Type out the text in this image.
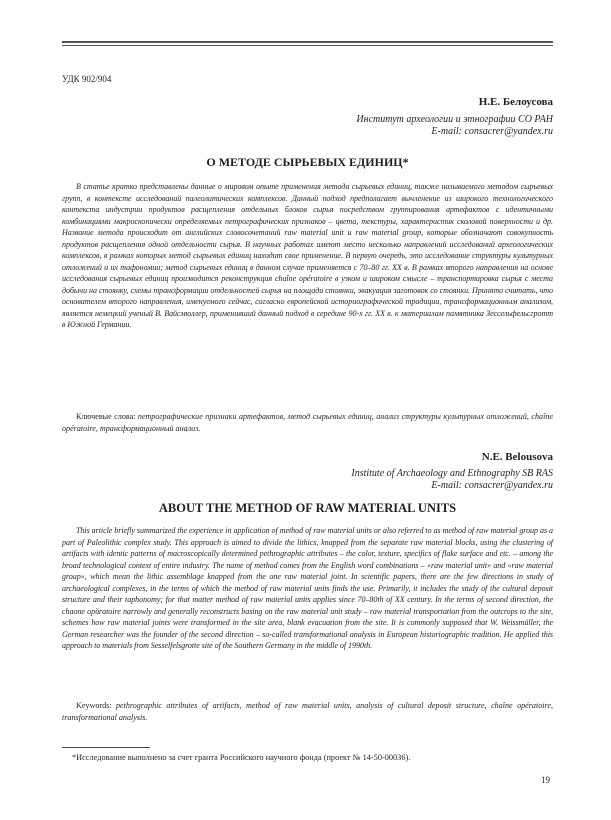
УДК 902/904
Н.Е. Белоусова
Институт археологии и этнографии СО РАН
E-mail: consacrer@yandex.ru
О МЕТОДЕ СЫРЬЕВЫХ ЕДИНИЦ*

В статье кратко представлены данные о мировом опыте применения метода сырьевых единиц, также называемого методом сырьевых групп, в контексте исследований палеолитических комплексов. Данный подход предполагает вычленение из широкого технологического контекста индустрии продуктов расщепления отдельных блоков сырья посредством группирования артефактов с идентичными комбинациями макроскопически определяемых петрографических признаков – цвета, текстуры, характеристик сколовой поверхности и др. Название метода происходит от английских словосочетаний raw material unit и raw material group, которые обозначают совокупность продуктов расщепления одной отдельности сырья. В научных работах имеют место несколько направлений исследований археологических комплексов, в рамках которых метод сырьевых единиц находит свое применение. В первую очередь, это исследование структуры культурных отложений и их тафономии; метод сырьевых единиц в данном случае применяется с 70–80 гг. XX в. В рамках второго направления на основе исследования сырьевых единиц производится реконструкция chaîne opératoire в узком и широком смысле – транспортировка сырья с места добычи на стоянку, схемы трансформации отдельностей сырья на площади стоянки, эвакуация заготовок со стоянки. Принято считать, что основателем второго направления, именуемого сейчас, согласно европейской историографической традиции, трансформационным анализом, является немецкий ученый В. Вайсмюллер, применивший данный подход в середине 90-х гг. XX в. к материалам памятника Зессельфельсгротт в Южной Германии.

Ключевые слова: петрографические признаки артефактов, метод сырьевых единиц, анализ структуры культурных отложений, chaîne opératoire, трансформационный анализ.

N.E. Belousova
Institute of Archaeology and Ethnography SB RAS
E-mail: consacrer@yandex.ru
ABOUT THE METHOD OF RAW MATERIAL UNITS

This article briefly summarized the experience in application of method of raw material units or also referred to as method of raw material group as a part of Paleolithic complex study. This approach is aimed to divide the lithics, knapped from the separate raw material blocks, using the clustering of artifacts with identic patterns of macroscopically determined pethrographic attributes – the color, texture, specifics of flake surface and etc. – among the broad technological context of entire industry. The name of method comes from the English word combinations – «raw material unit» and «raw material group», which mean the lithic assemblage knapped from the one raw material joint. In scientific papers, there are the few directions in study of archaeological complexes, in the terms of which the method of raw material units finds the use. Primarily, it includes the study of the cultural deposit structure and their taphonomy; for that matter method of raw material units applies since 70–80th of XX century. In the terms of second direction, the chaone opйratoire narrowly and generally reconstructs basing on the raw material unit study – raw material transportation from the outcrops to the site, schemes how raw material joints were transformed in the site area, blank evacuation from the site. It is commonly supposed that W. Weissmüller, the German researcher was the founder of the second direction – so-called transformational analysis in European historiographic tradition. He applied this approach to materials from Sesselfelsgrotte site of the Southern Germany in the middle of 1990th.

Keywords: pethrographic attributes of artifacts, method of raw material units, analysis of cultural deposit structure, chaîne opératoire, transformational analysis.

*Исследование выполнено за счет гранта Российского научного фонда (проект № 14-50-00036).
19
